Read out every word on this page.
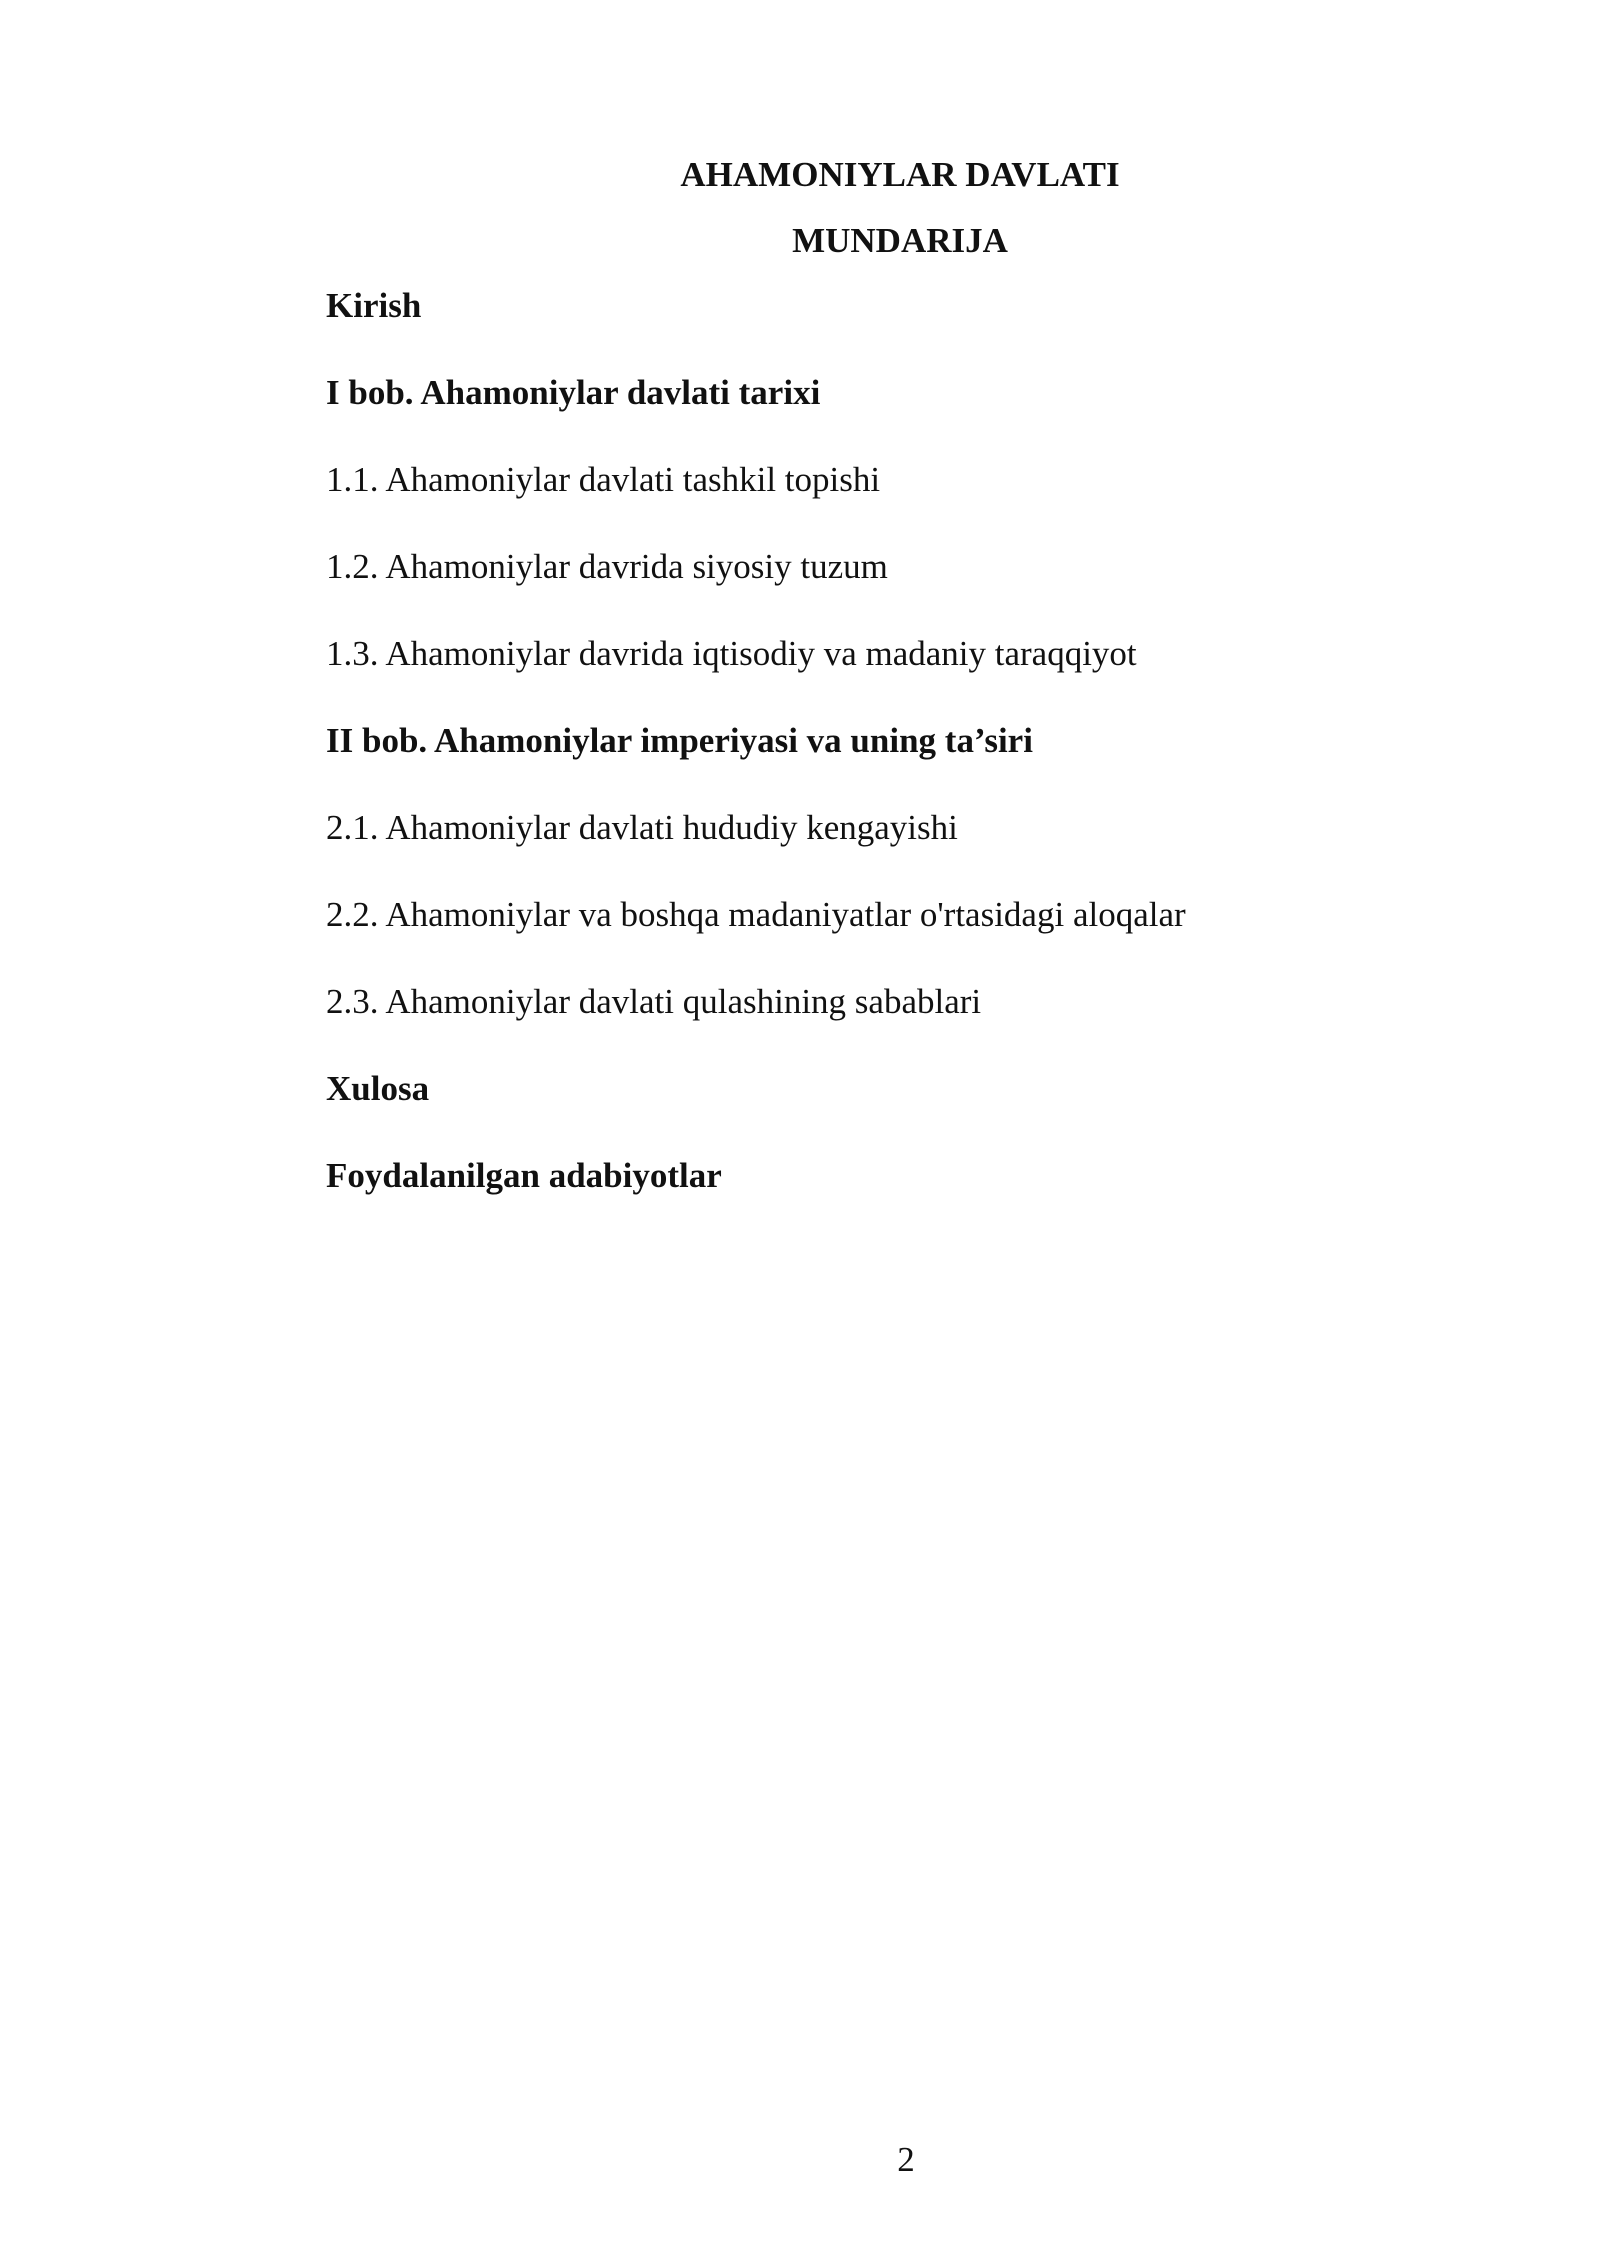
AHAMONIYLAR DAVLATI
MUNDARIJA
Kirish
I bob. Ahamoniylar davlati tarixi
1.1. Ahamoniylar davlati tashkil topishi
1.2. Ahamoniylar davrida siyosiy tuzum
1.3. Ahamoniylar davrida iqtisodiy va madaniy taraqqiyot
II bob. Ahamoniylar imperiyasi va uning ta’siri
2.1. Ahamoniylar davlati hududiy kengayishi
2.2. Ahamoniylar va boshqa madaniyatlar o'rtasidagi aloqalar
2.3. Ahamoniylar davlati qulashining sabablari
Xulosa
Foydalanilgan adabiyotlar
2
